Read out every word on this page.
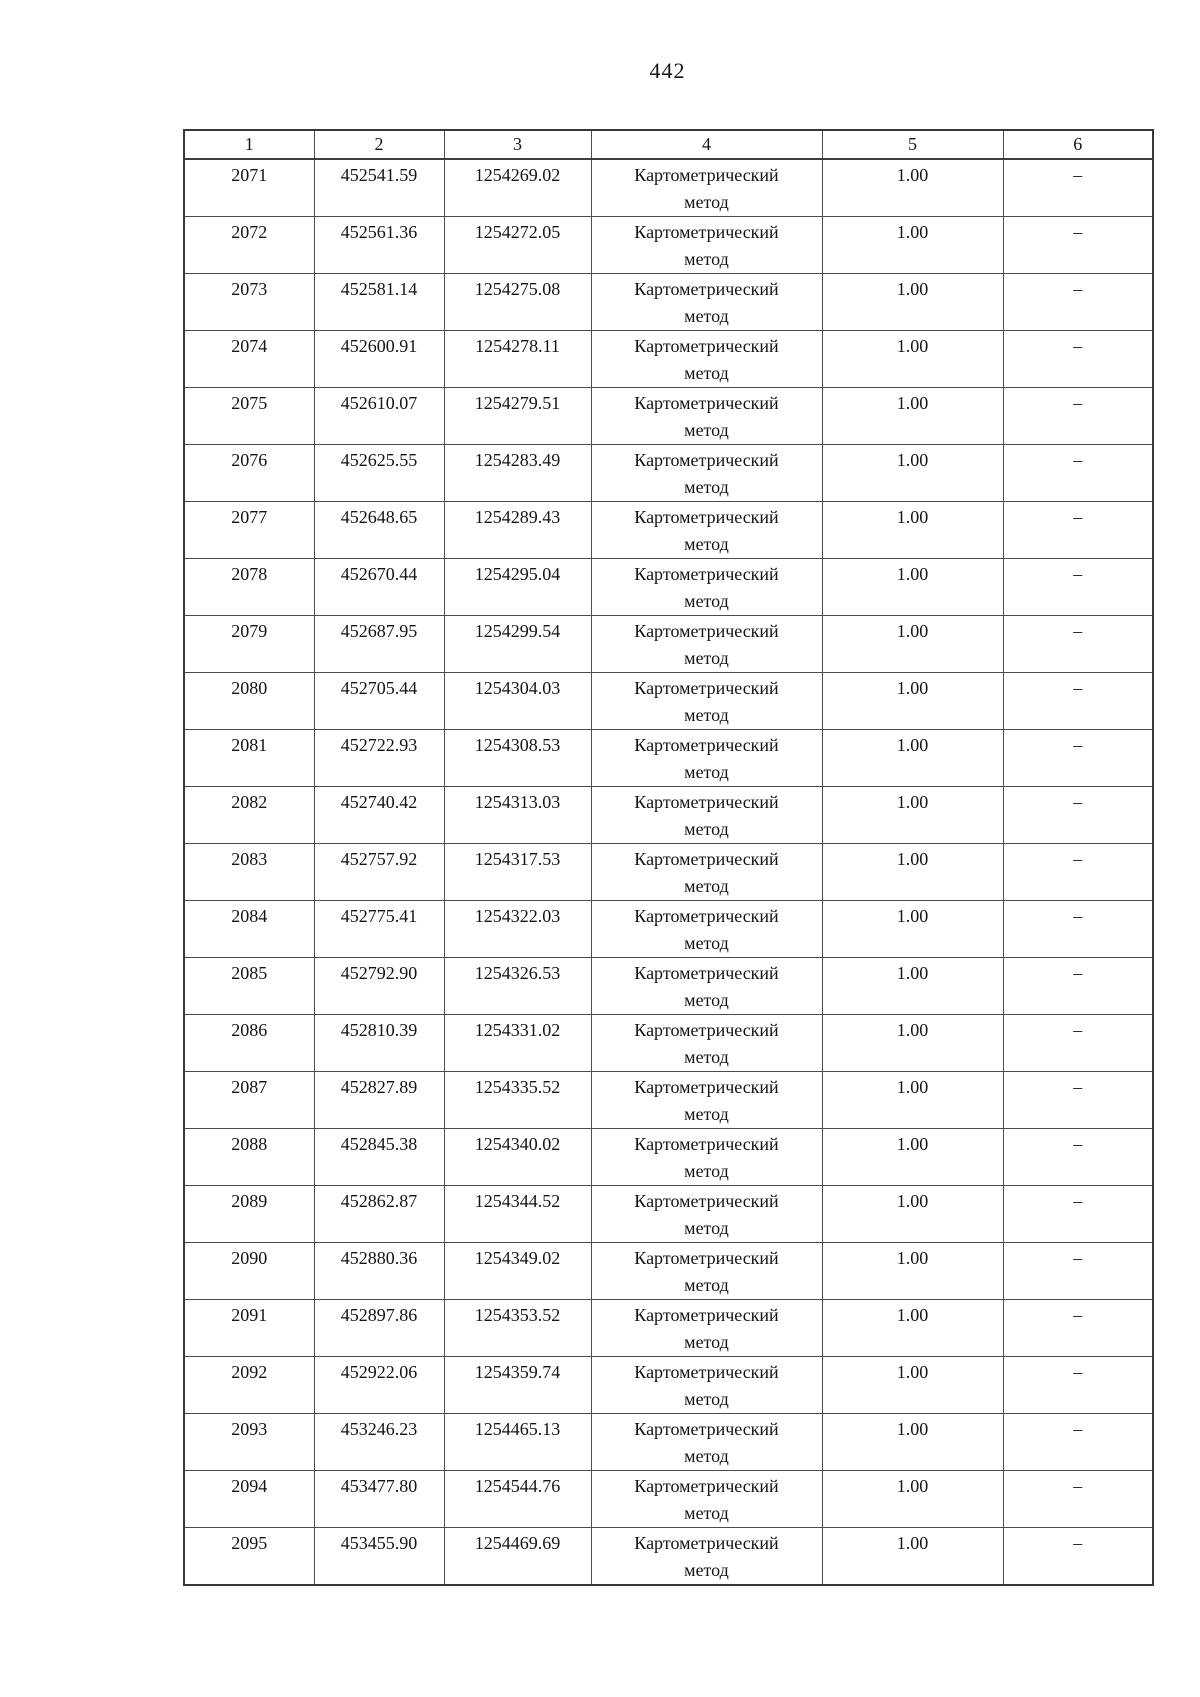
442
1	2	3	4	5	6
2071	452541.59	1254269.02	Картометрический
метод	1.00	–
2072	452561.36	1254272.05	Картометрический
метод	1.00	–
2073	452581.14	1254275.08	Картометрический
метод	1.00	–
2074	452600.91	1254278.11	Картометрический
метод	1.00	–
2075	452610.07	1254279.51	Картометрический
метод	1.00	–
2076	452625.55	1254283.49	Картометрический
метод	1.00	–
2077	452648.65	1254289.43	Картометрический
метод	1.00	–
2078	452670.44	1254295.04	Картометрический
метод	1.00	–
2079	452687.95	1254299.54	Картометрический
метод	1.00	–
2080	452705.44	1254304.03	Картометрический
метод	1.00	–
2081	452722.93	1254308.53	Картометрический
метод	1.00	–
2082	452740.42	1254313.03	Картометрический
метод	1.00	–
2083	452757.92	1254317.53	Картометрический
метод	1.00	–
2084	452775.41	1254322.03	Картометрический
метод	1.00	–
2085	452792.90	1254326.53	Картометрический
метод	1.00	–
2086	452810.39	1254331.02	Картометрический
метод	1.00	–
2087	452827.89	1254335.52	Картометрический
метод	1.00	–
2088	452845.38	1254340.02	Картометрический
метод	1.00	–
2089	452862.87	1254344.52	Картометрический
метод	1.00	–
2090	452880.36	1254349.02	Картометрический
метод	1.00	–
2091	452897.86	1254353.52	Картометрический
метод	1.00	–
2092	452922.06	1254359.74	Картометрический
метод	1.00	–
2093	453246.23	1254465.13	Картометрический
метод	1.00	–
2094	453477.80	1254544.76	Картометрический
метод	1.00	–
2095	453455.90	1254469.69	Картометрический
метод	1.00	–
